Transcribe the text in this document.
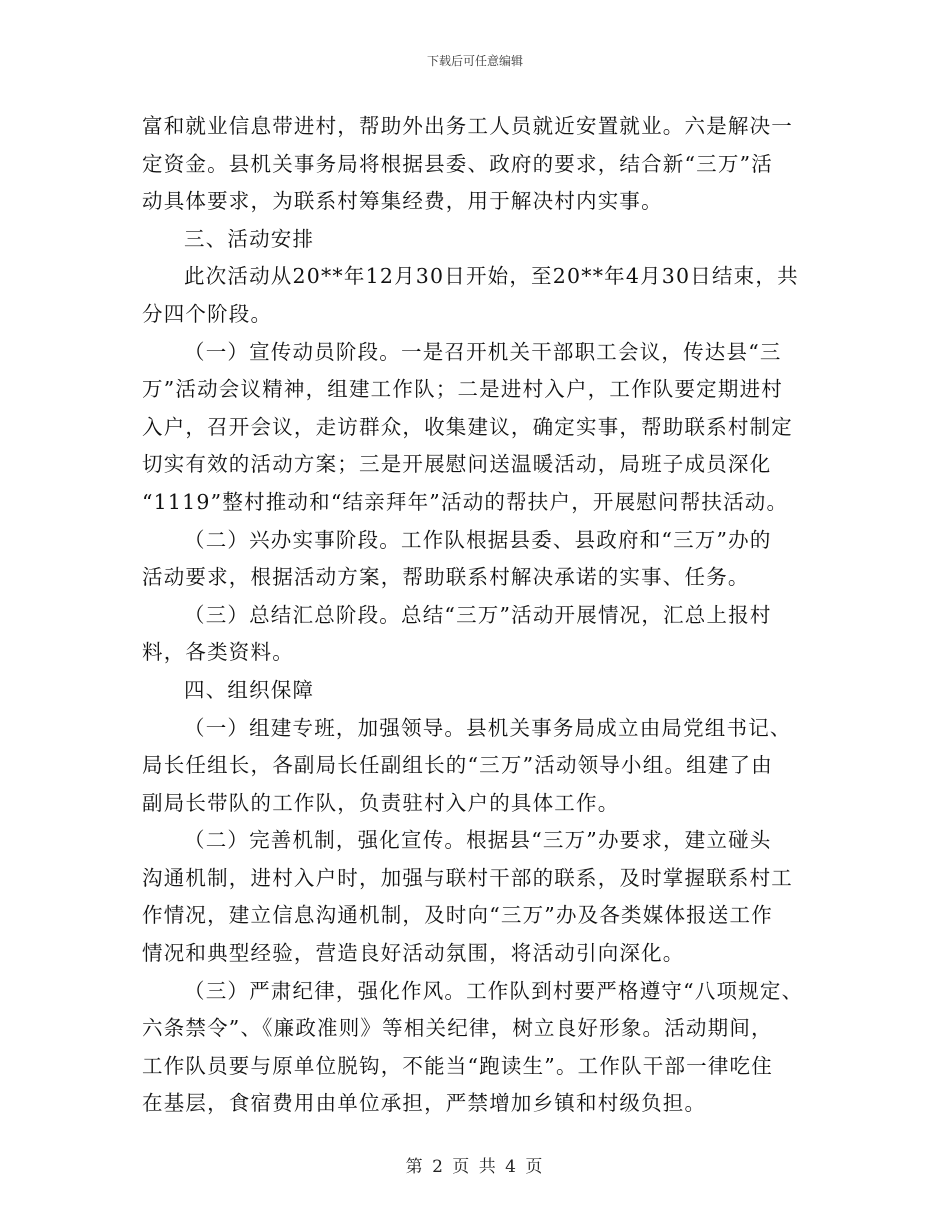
下载后可任意编辑
富和就业信息带进村，帮助外出务工人员就近安置就业。六是解决一
定资金。县机关事务局将根据县委、政府的要求，结合新“三万”活
动具体要求，为联系村筹集经费，用于解决村内实事。
三、活动安排
此次活动从20**年12月30日开始，至20**年4月30日结束，共
分四个阶段。
（一）宣传动员阶段。一是召开机关干部职工会议，传达县“三
万”活动会议精神，组建工作队；二是进村入户，工作队要定期进村
入户，召开会议，走访群众，收集建议，确定实事，帮助联系村制定
切实有效的活动方案；三是开展慰问送温暖活动，局班子成员深化
“1119”整村推动和“结亲拜年”活动的帮扶户，开展慰问帮扶活动。
（二）兴办实事阶段。工作队根据县委、县政府和“三万”办的
活动要求，根据活动方案，帮助联系村解决承诺的实事、任务。
（三）总结汇总阶段。总结“三万”活动开展情况，汇总上报村
料，各类资料。
四、组织保障
（一）组建专班，加强领导。县机关事务局成立由局党组书记、
局长任组长，各副局长任副组长的“三万”活动领导小组。组建了由
副局长带队的工作队，负责驻村入户的具体工作。
（二）完善机制，强化宣传。根据县“三万”办要求，建立碰头
沟通机制，进村入户时，加强与联村干部的联系，及时掌握联系村工
作情况，建立信息沟通机制，及时向“三万”办及各类媒体报送工作
情况和典型经验，营造良好活动氛围，将活动引向深化。
（三）严肃纪律，强化作风。工作队到村要严格遵守“八项规定、
六条禁令”、《廉政准则》等相关纪律，树立良好形象。活动期间，
工作队员要与原单位脱钩，不能当“跑读生”。工作队干部一律吃住
在基层，食宿费用由单位承担，严禁增加乡镇和村级负担。
第 2 页 共 4 页
